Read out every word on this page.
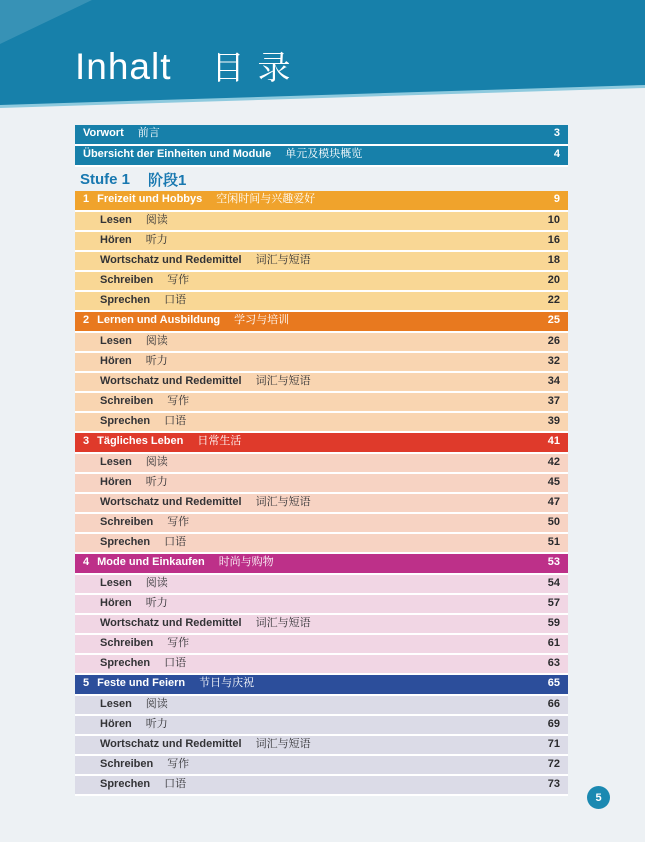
Inhalt 目录
Vorwort 前言	3
Übersicht der Einheiten und Module 单元及模块概览	4
Stufe 1 阶段1
1 Freizeit und Hobbys 空闲时间与兴趣爱好	9
Lesen 阅读	10
Hören 听力	16
Wortschatz und Redemittel 词汇与短语	18
Schreiben 写作	20
Sprechen 口语	22
2 Lernen und Ausbildung 学习与培训	25
Lesen 阅读	26
Hören 听力	32
Wortschatz und Redemittel 词汇与短语	34
Schreiben 写作	37
Sprechen 口语	39
3 Tägliches Leben 日常生活	41
Lesen 阅读	42
Hören 听力	45
Wortschatz und Redemittel 词汇与短语	47
Schreiben 写作	50
Sprechen 口语	51
4 Mode und Einkaufen 时尚与购物	53
Lesen 阅读	54
Hören 听力	57
Wortschatz und Redemittel 词汇与短语	59
Schreiben 写作	61
Sprechen 口语	63
5 Feste und Feiern 节日与庆祝	65
Lesen 阅读	66
Hören 听力	69
Wortschatz und Redemittel 词汇与短语	71
Schreiben 写作	72
Sprechen 口语	73
5
